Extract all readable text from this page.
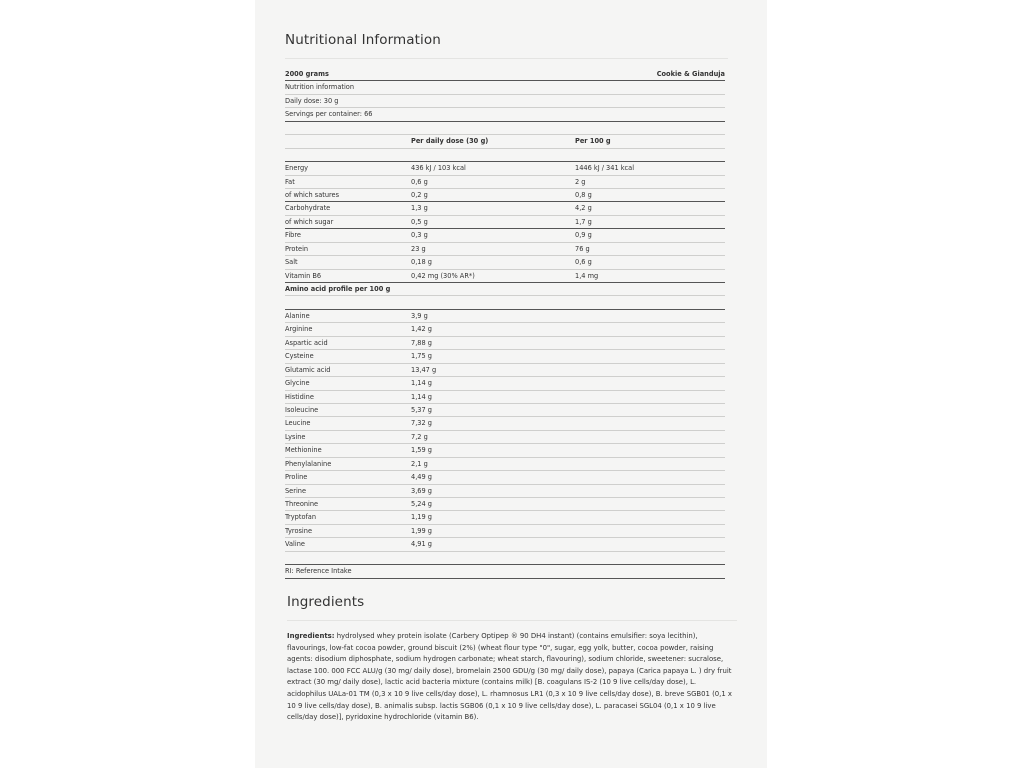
Nutritional Information
2000 grams	Cookie & Gianduja
Nutrition information
Daily dose: 30 g
Servings per container: 66
Per daily dose (30 g)	Per 100 g
Energy	436 kJ / 103 kcal	1446 kJ / 341 kcal
Fat	0,6 g	2 g
of which satures	0,2 g	0,8 g
Carbohydrate	1,3 g	4,2 g
of which sugar	0,5 g	1,7 g
Fibre	0,3 g	0,9 g
Protein	23 g	76 g
Salt	0,18 g	0,6 g
Vitamin B6	0,42 mg (30% AR*)	1,4 mg
Amino acid profile per 100 g
Alanine	3,9 g
Arginine	1,42 g
Aspartic acid	7,88 g
Cysteine	1,75 g
Glutamic acid	13,47 g
Glycine	1,14 g
Histidine	1,14 g
Isoleucine	5,37 g
Leucine	7,32 g
Lysine	7,2 g
Methionine	1,59 g
Phenylalanine	2,1 g
Proline	4,49 g
Serine	3,69 g
Threonine	5,24 g
Tryptofan	1,19 g
Tyrosine	1,99 g
Valine	4,91 g
RI: Reference Intake
Ingredients
Ingredients: hydrolysed whey protein isolate (Carbery Optipep ® 90 DH4 instant) (contains emulsifier: soya lecithin), flavourings, low-fat cocoa powder, ground biscuit (2%) (wheat flour type "0", sugar, egg yolk, butter, cocoa powder, raising agents: disodium diphosphate, sodium hydrogen carbonate; wheat starch, flavouring), sodium chloride, sweetener: sucralose, lactase 100. 000 FCC ALU/g (30 mg/ daily dose), bromelain 2500 GDU/g (30 mg/ daily dose), papaya (Carica papaya L. ) dry fruit extract (30 mg/ daily dose), lactic acid bacteria mixture (contains milk) [B. coagulans IS-2 (10 9 live cells/day dose), L. acidophilus UALa-01 TM (0,3 x 10 9 live cells/day dose), L. rhamnosus LR1 (0,3 x 10 9 live cells/day dose), B. breve SGB01 (0,1 x 10 9 live cells/day dose), B. animalis subsp. lactis SGB06 (0,1 x 10 9 live cells/day dose), L. paracasei SGL04 (0,1 x 10 9 live cells/day dose)], pyridoxine hydrochloride (vitamin B6).
